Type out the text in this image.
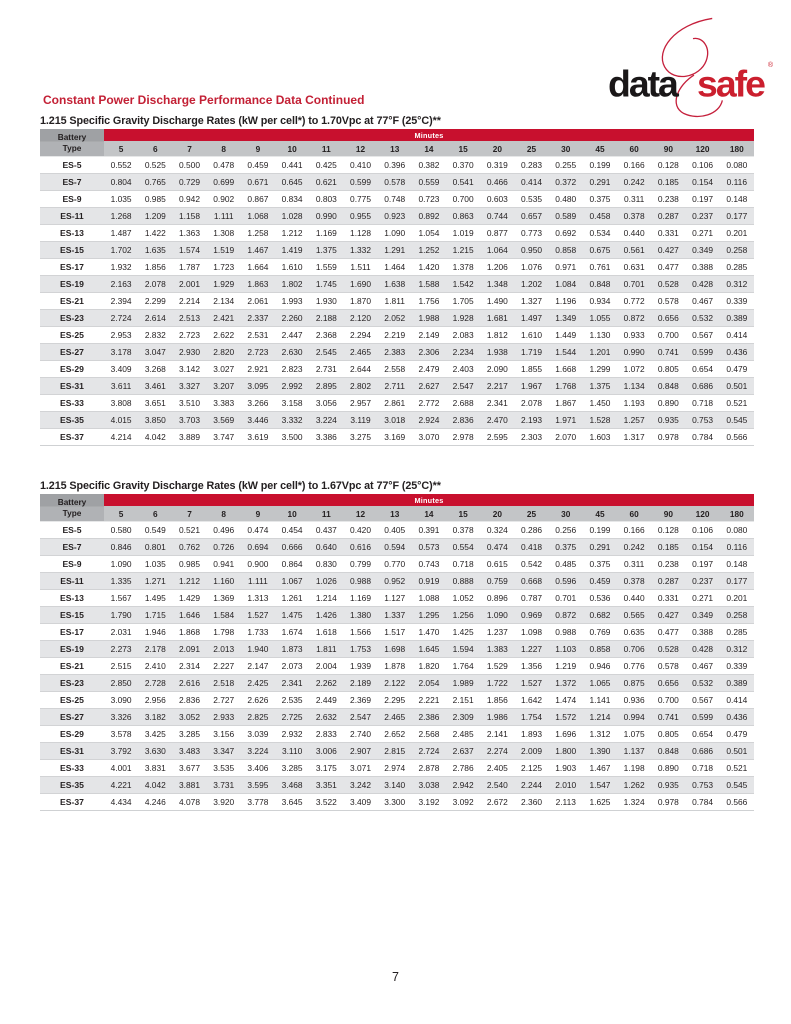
data safe ®
Constant Power Discharge Performance Data Continued
1.215 Specific Gravity Discharge Rates (kW per cell*) to 1.70Vpc at 77°F (25°C)**
Battery
Type	Minutes																		
	5	6	7	8	9	10	11	12	13	14	15	20	25	30	45	60	90	120	180
ES-5	0.552	0.525	0.500	0.478	0.459	0.441	0.425	0.410	0.396	0.382	0.370	0.319	0.283	0.255	0.199	0.166	0.128	0.106	0.080
ES-7	0.804	0.765	0.729	0.699	0.671	0.645	0.621	0.599	0.578	0.559	0.541	0.466	0.414	0.372	0.291	0.242	0.185	0.154	0.116
ES-9	1.035	0.985	0.942	0.902	0.867	0.834	0.803	0.775	0.748	0.723	0.700	0.603	0.535	0.480	0.375	0.311	0.238	0.197	0.148
ES-11	1.268	1.209	1.158	1.111	1.068	1.028	0.990	0.955	0.923	0.892	0.863	0.744	0.657	0.589	0.458	0.378	0.287	0.237	0.177
ES-13	1.487	1.422	1.363	1.308	1.258	1.212	1.169	1.128	1.090	1.054	1.019	0.877	0.773	0.692	0.534	0.440	0.331	0.271	0.201
ES-15	1.702	1.635	1.574	1.519	1.467	1.419	1.375	1.332	1.291	1.252	1.215	1.064	0.950	0.858	0.675	0.561	0.427	0.349	0.258
ES-17	1.932	1.856	1.787	1.723	1.664	1.610	1.559	1.511	1.464	1.420	1.378	1.206	1.076	0.971	0.761	0.631	0.477	0.388	0.285
ES-19	2.163	2.078	2.001	1.929	1.863	1.802	1.745	1.690	1.638	1.588	1.542	1.348	1.202	1.084	0.848	0.701	0.528	0.428	0.312
ES-21	2.394	2.299	2.214	2.134	2.061	1.993	1.930	1.870	1.811	1.756	1.705	1.490	1.327	1.196	0.934	0.772	0.578	0.467	0.339
ES-23	2.724	2.614	2.513	2.421	2.337	2.260	2.188	2.120	2.052	1.988	1.928	1.681	1.497	1.349	1.055	0.872	0.656	0.532	0.389
ES-25	2.953	2.832	2.723	2.622	2.531	2.447	2.368	2.294	2.219	2.149	2.083	1.812	1.610	1.449	1.130	0.933	0.700	0.567	0.414
ES-27	3.178	3.047	2.930	2.820	2.723	2.630	2.545	2.465	2.383	2.306	2.234	1.938	1.719	1.544	1.201	0.990	0.741	0.599	0.436
ES-29	3.409	3.268	3.142	3.027	2.921	2.823	2.731	2.644	2.558	2.479	2.403	2.090	1.855	1.668	1.299	1.072	0.805	0.654	0.479
ES-31	3.611	3.461	3.327	3.207	3.095	2.992	2.895	2.802	2.711	2.627	2.547	2.217	1.967	1.768	1.375	1.134	0.848	0.686	0.501
ES-33	3.808	3.651	3.510	3.383	3.266	3.158	3.056	2.957	2.861	2.772	2.688	2.341	2.078	1.867	1.450	1.193	0.890	0.718	0.521
ES-35	4.015	3.850	3.703	3.569	3.446	3.332	3.224	3.119	3.018	2.924	2.836	2.470	2.193	1.971	1.528	1.257	0.935	0.753	0.545
ES-37	4.214	4.042	3.889	3.747	3.619	3.500	3.386	3.275	3.169	3.070	2.978	2.595	2.303	2.070	1.603	1.317	0.978	0.784	0.566
1.215 Specific Gravity Discharge Rates (kW per cell*) to 1.67Vpc at 77°F (25°C)**
Battery
Type	Minutes																		
	5	6	7	8	9	10	11	12	13	14	15	20	25	30	45	60	90	120	180
ES-5	0.580	0.549	0.521	0.496	0.474	0.454	0.437	0.420	0.405	0.391	0.378	0.324	0.286	0.256	0.199	0.166	0.128	0.106	0.080
ES-7	0.846	0.801	0.762	0.726	0.694	0.666	0.640	0.616	0.594	0.573	0.554	0.474	0.418	0.375	0.291	0.242	0.185	0.154	0.116
ES-9	1.090	1.035	0.985	0.941	0.900	0.864	0.830	0.799	0.770	0.743	0.718	0.615	0.542	0.485	0.375	0.311	0.238	0.197	0.148
ES-11	1.335	1.271	1.212	1.160	1.111	1.067	1.026	0.988	0.952	0.919	0.888	0.759	0.668	0.596	0.459	0.378	0.287	0.237	0.177
ES-13	1.567	1.495	1.429	1.369	1.313	1.261	1.214	1.169	1.127	1.088	1.052	0.896	0.787	0.701	0.536	0.440	0.331	0.271	0.201
ES-15	1.790	1.715	1.646	1.584	1.527	1.475	1.426	1.380	1.337	1.295	1.256	1.090	0.969	0.872	0.682	0.565	0.427	0.349	0.258
ES-17	2.031	1.946	1.868	1.798	1.733	1.674	1.618	1.566	1.517	1.470	1.425	1.237	1.098	0.988	0.769	0.635	0.477	0.388	0.285
ES-19	2.273	2.178	2.091	2.013	1.940	1.873	1.811	1.753	1.698	1.645	1.594	1.383	1.227	1.103	0.858	0.706	0.528	0.428	0.312
ES-21	2.515	2.410	2.314	2.227	2.147	2.073	2.004	1.939	1.878	1.820	1.764	1.529	1.356	1.219	0.946	0.776	0.578	0.467	0.339
ES-23	2.850	2.728	2.616	2.518	2.425	2.341	2.262	2.189	2.122	2.054	1.989	1.722	1.527	1.372	1.065	0.875	0.656	0.532	0.389
ES-25	3.090	2.956	2.836	2.727	2.626	2.535	2.449	2.369	2.295	2.221	2.151	1.856	1.642	1.474	1.141	0.936	0.700	0.567	0.414
ES-27	3.326	3.182	3.052	2.933	2.825	2.725	2.632	2.547	2.465	2.386	2.309	1.986	1.754	1.572	1.214	0.994	0.741	0.599	0.436
ES-29	3.578	3.425	3.285	3.156	3.039	2.932	2.833	2.740	2.652	2.568	2.485	2.141	1.893	1.696	1.312	1.075	0.805	0.654	0.479
ES-31	3.792	3.630	3.483	3.347	3.224	3.110	3.006	2.907	2.815	2.724	2.637	2.274	2.009	1.800	1.390	1.137	0.848	0.686	0.501
ES-33	4.001	3.831	3.677	3.535	3.406	3.285	3.175	3.071	2.974	2.878	2.786	2.405	2.125	1.903	1.467	1.198	0.890	0.718	0.521
ES-35	4.221	4.042	3.881	3.731	3.595	3.468	3.351	3.242	3.140	3.038	2.942	2.540	2.244	2.010	1.547	1.262	0.935	0.753	0.545
ES-37	4.434	4.246	4.078	3.920	3.778	3.645	3.522	3.409	3.300	3.192	3.092	2.672	2.360	2.113	1.625	1.324	0.978	0.784	0.566
7
